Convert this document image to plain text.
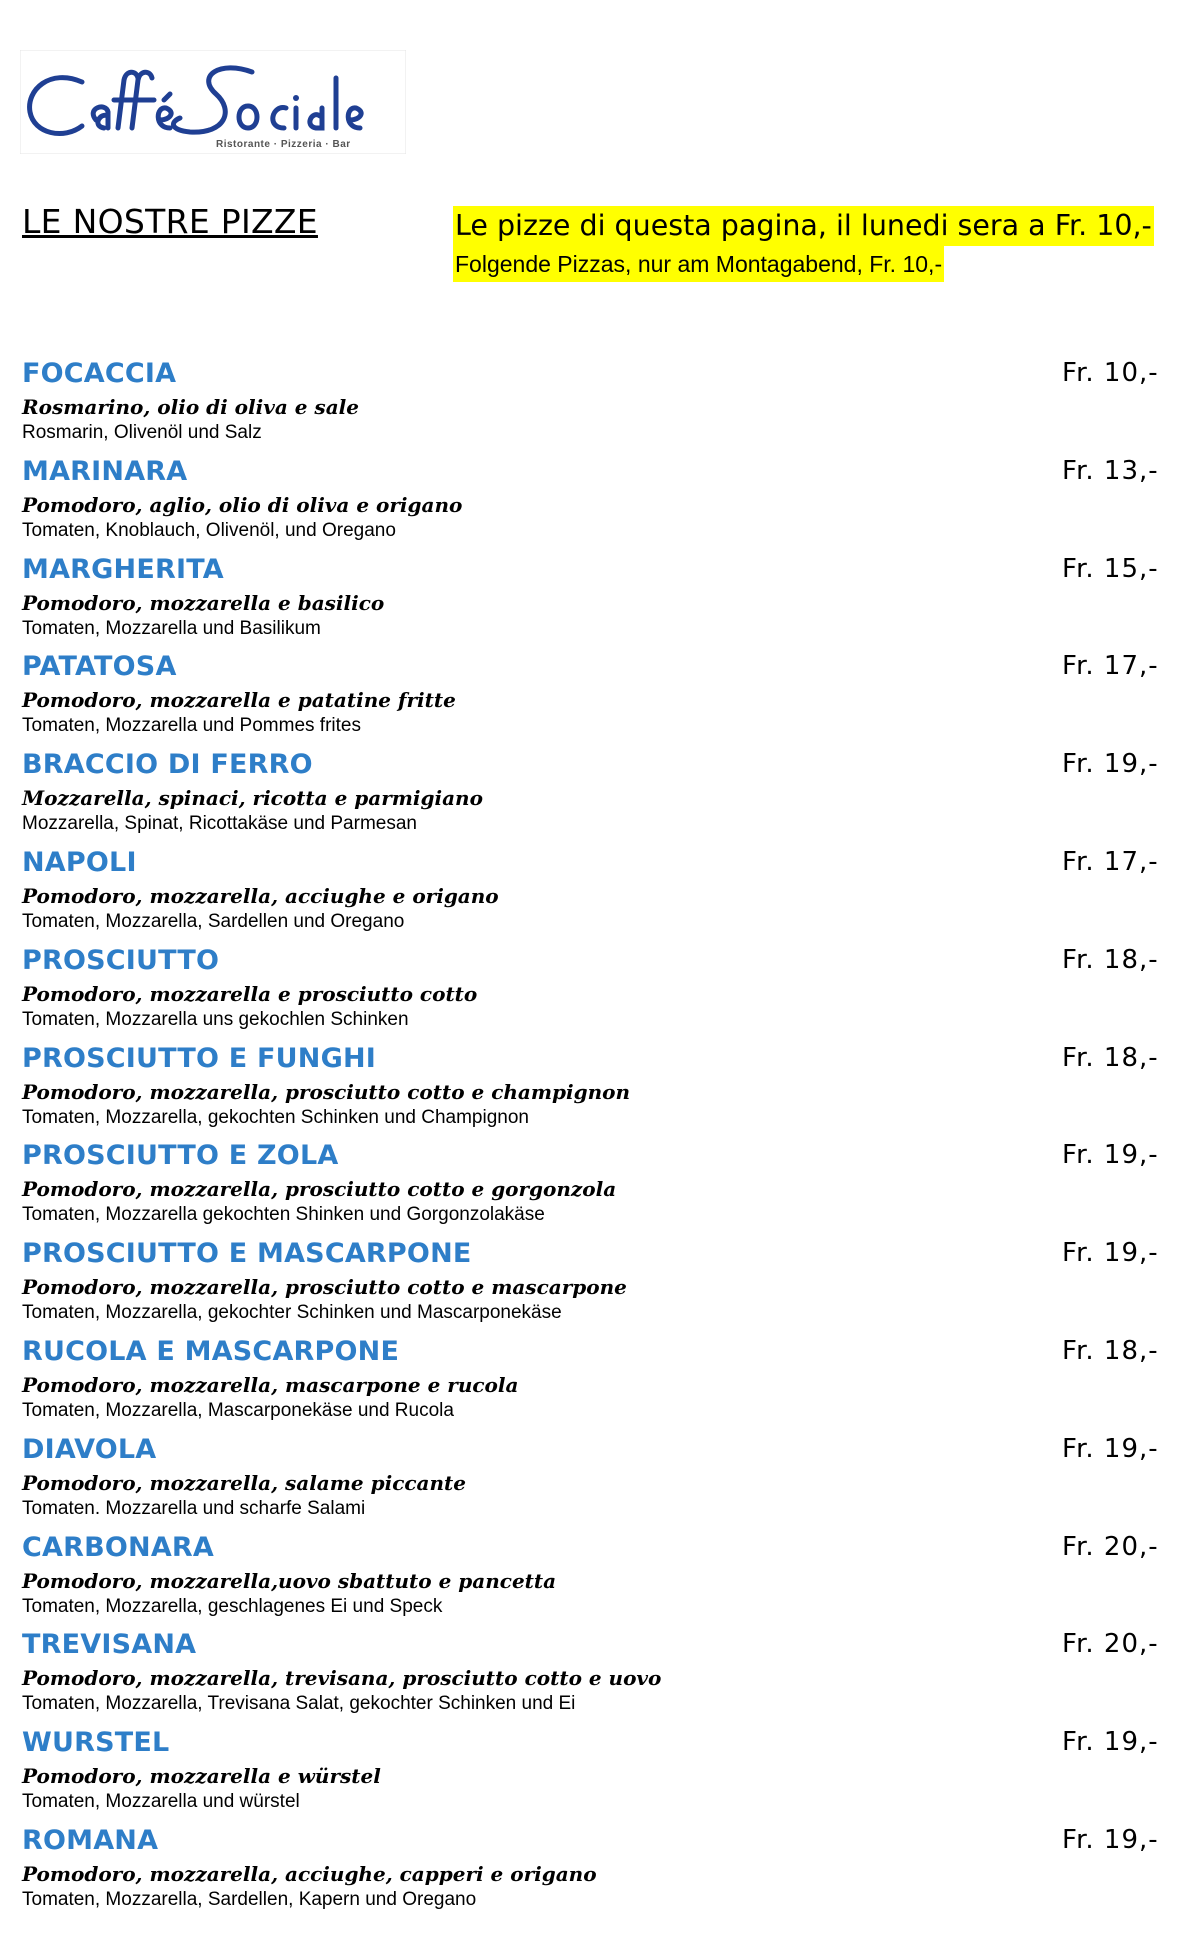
Ristorante · Pizzeria · Bar
LE NOSTRE PIZZE	Le pizze di questa pagina, il lunedi sera a Fr. 10,-
Folgende Pizzas, nur am Montagabend, Fr. 10,-
FOCACCIA	Fr. 10,-
Rosmarino, olio di oliva e sale
Rosmarin, Olivenöl und Salz
MARINARA	Fr. 13,-
Pomodoro, aglio, olio di oliva e origano
Tomaten, Knoblauch, Olivenöl, und Oregano
MARGHERITA	Fr. 15,-
Pomodoro, mozzarella e basilico
Tomaten, Mozzarella und Basilikum
PATATOSA	Fr. 17,-
Pomodoro, mozzarella e patatine fritte
Tomaten, Mozzarella und Pommes frites
BRACCIO DI FERRO	Fr. 19,-
Mozzarella, spinaci, ricotta e parmigiano
Mozzarella, Spinat, Ricottakäse und Parmesan
NAPOLI	Fr. 17,-
Pomodoro, mozzarella, acciughe e origano
Tomaten, Mozzarella, Sardellen und Oregano
PROSCIUTTO	Fr. 18,-
Pomodoro, mozzarella e prosciutto cotto
Tomaten, Mozzarella uns gekochlen Schinken
PROSCIUTTO E FUNGHI	Fr. 18,-
Pomodoro, mozzarella, prosciutto cotto e champignon
Tomaten, Mozzarella, gekochten Schinken und Champignon
PROSCIUTTO E ZOLA	Fr. 19,-
Pomodoro, mozzarella, prosciutto cotto e gorgonzola
Tomaten, Mozzarella gekochten Shinken und Gorgonzolakäse
PROSCIUTTO E MASCARPONE	Fr. 19,-
Pomodoro, mozzarella, prosciutto cotto e mascarpone
Tomaten, Mozzarella, gekochter Schinken und Mascarponekäse
RUCOLA E MASCARPONE	Fr. 18,-
Pomodoro, mozzarella, mascarpone e rucola
Tomaten, Mozzarella, Mascarponekäse und Rucola
DIAVOLA	Fr. 19,-
Pomodoro, mozzarella, salame piccante
Tomaten. Mozzarella und scharfe Salami
CARBONARA	Fr. 20,-
Pomodoro, mozzarella,uovo sbattuto e pancetta
Tomaten, Mozzarella, geschlagenes Ei und Speck
TREVISANA	Fr. 20,-
Pomodoro, mozzarella, trevisana, prosciutto cotto e uovo
Tomaten, Mozzarella, Trevisana Salat, gekochter Schinken und Ei
WURSTEL	Fr. 19,-
Pomodoro, mozzarella e würstel
Tomaten, Mozzarella und würstel
ROMANA	Fr. 19,-
Pomodoro, mozzarella, acciughe, capperi e origano
Tomaten, Mozzarella, Sardellen, Kapern und Oregano
